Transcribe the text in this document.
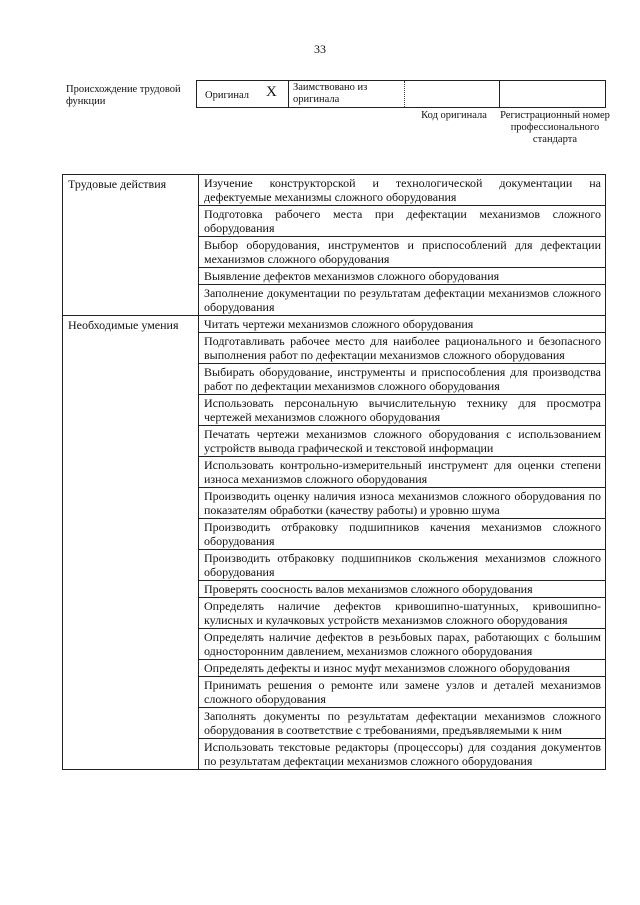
33
Происхождение трудовой функции
Оригинал X Заимствовано из оригинала
Код оригинала	Регистрационный номер профессионального стандарта
Трудовые действия	Изучение конструкторской и технологической документации на дефектуемые механизмы сложного оборудования
	Подготовка рабочего места при дефектации механизмов сложного оборудования
	Выбор оборудования, инструментов и приспособлений для дефектации механизмов сложного оборудования
	Выявление дефектов механизмов сложного оборудования
	Заполнение документации по результатам дефектации механизмов сложного оборудования
Необходимые умения	Читать чертежи механизмов сложного оборудования
	Подготавливать рабочее место для наиболее рационального и безопасного выполнения работ по дефектации механизмов сложного оборудования
	Выбирать оборудование, инструменты и приспособления для производства работ по дефектации механизмов сложного оборудования
	Использовать персональную вычислительную технику для просмотра чертежей механизмов сложного оборудования
	Печатать чертежи механизмов сложного оборудования с использованием устройств вывода графической и текстовой информации
	Использовать контрольно-измерительный инструмент для оценки степени износа механизмов сложного оборудования
	Производить оценку наличия износа механизмов сложного оборудования по показателям обработки (качеству работы) и уровню шума
	Производить отбраковку подшипников качения механизмов сложного оборудования
	Производить отбраковку подшипников скольжения механизмов сложного оборудования
	Проверять соосность валов механизмов сложного оборудования
	Определять наличие дефектов кривошипно-шатунных, кривошипно-кулисных и кулачковых устройств механизмов сложного оборудования
	Определять наличие дефектов в резьбовых парах, работающих с большим односторонним давлением, механизмов сложного оборудования
	Определять дефекты и износ муфт механизмов сложного оборудования
	Принимать решения о ремонте или замене узлов и деталей механизмов сложного оборудования
	Заполнять документы по результатам дефектации механизмов сложного оборудования в соответствие с требованиями, предъявляемыми к ним
	Использовать текстовые редакторы (процессоры) для создания документов по результатам дефектации механизмов сложного оборудования
